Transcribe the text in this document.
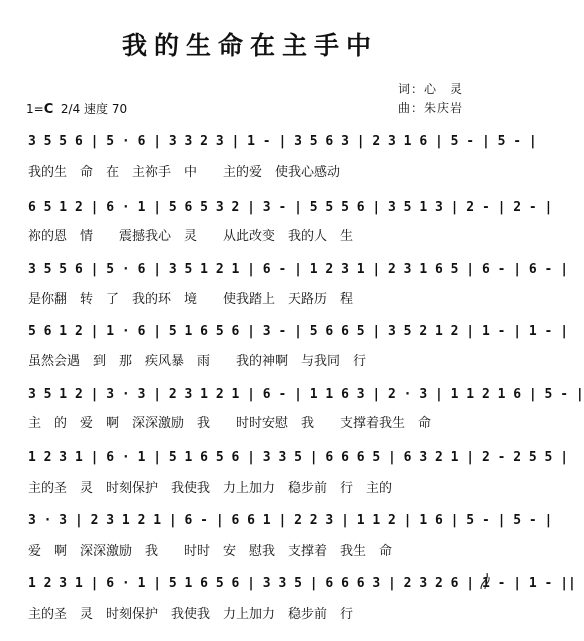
我的生命在主手中
词：心　灵
曲：朱庆岩
1=C 2/4 速度 70
3 5 5 6 | 5 · 6 | 3 3 2 3 | 1 - | 3 5 6 3 | 2 3 1 6 | 5 - | 5 - |
我的生　命　在　主祢手　中　　主的爱　使我心感动
6 5 1 2 | 6 · 1 | 5 6 5 3 2 | 3 - | 5 5 5 6 | 3 5 1 3 | 2 - | 2 - |
祢的恩　情　　震撼我心　灵　　从此改变　我的人　生
3 5 5 6 | 5 · 6 | 3 5 1 2 1 | 6 - | 1 2 3 1 | 2 3 1 6 5 | 6 - | 6 - |
是你翻　转　了　我的环　境　　使我踏上　天路历　程
5 6 1 2 | 1 · 6 | 5 1 6 5 6 | 3 - | 5 6 6 5 | 3 5 2 1 2 | 1 - | 1 - |
虽然会遇　到　那　疾风暴　雨　　我的神啊　与我同　行
3 5 1 2 | 3 · 3 | 2 3 1 2 1 | 6 - | 1 1 6 3 | 2 · 3 | 1 1 2 1 6 | 5 - |
主　的　爱　啊　深深激励　我　　时时安慰　我　　支撑着我生　命
1 2 3 1 | 6 · 1 | 5 1 6 5 6 | 3 3 5 | 6 6 6 5 | 6 3 2 1 | 2 - 2 5 5 |
主的圣　灵　时刻保护　我使我　力上加力　稳步前　行　主的
3 · 3 | 2 3 1 2 1 | 6 - | 6 6 1 | 2 2 3 | 1 1 2 | 1 6 | 5 - | 5 - |
爱　啊　深深激励　我　　时时　安　慰我　支撑着　我生　命
1 2 3 1 | 6 · 1 | 5 1 6 5 6 | 3 3 5 | 6 6 6 3 | 2 3 2 6 | 1 - | 1 - ||
主的圣　灵　时刻保护　我使我　力上加力　稳步前　行
